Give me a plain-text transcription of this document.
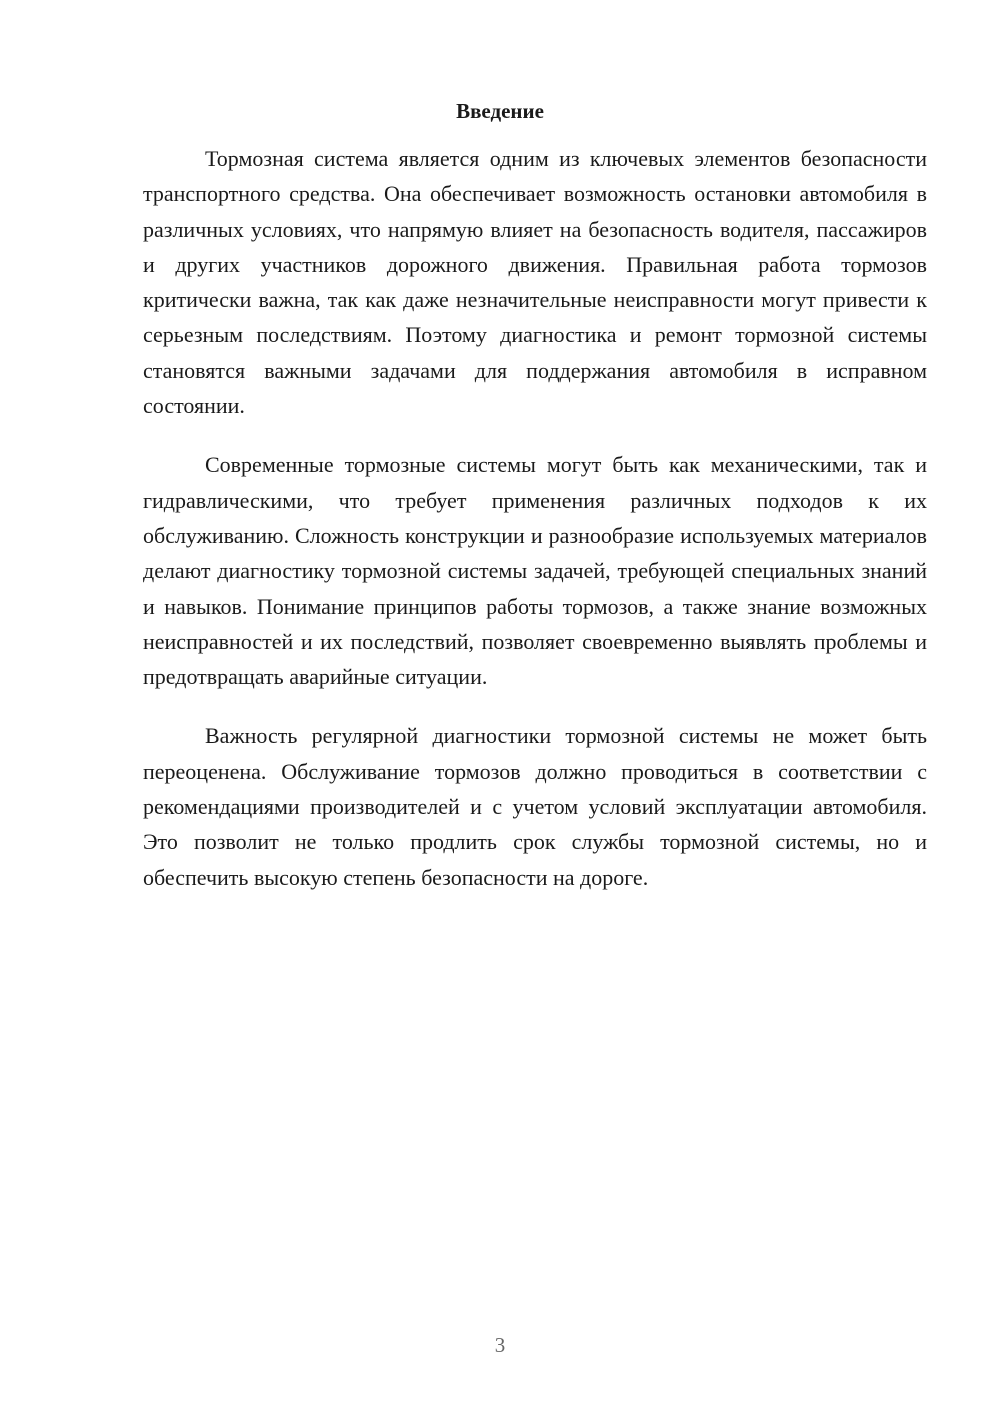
Введение

Тормозная система является одним из ключевых элементов безопасности транспортного средства. Она обеспечивает возможность остановки автомобиля в различных условиях, что напрямую влияет на безопасность водителя, пассажиров и других участников дорожного движения. Правильная работа тормозов критически важна, так как даже незначительные неисправности могут привести к серьезным последствиям. Поэтому диагностика и ремонт тормозной системы становятся важными задачами для поддержания автомобиля в исправном состоянии.

Современные тормозные системы могут быть как механическими, так и гидравлическими, что требует применения различных подходов к их обслуживанию. Сложность конструкции и разнообразие используемых материалов делают диагностику тормозной системы задачей, требующей специальных знаний и навыков. Понимание принципов работы тормозов, а также знание возможных неисправностей и их последствий, позволяет своевременно выявлять проблемы и предотвращать аварийные ситуации.

Важность регулярной диагностики тормозной системы не может быть переоценена. Обслуживание тормозов должно проводиться в соответствии с рекомендациями производителей и с учетом условий эксплуатации автомобиля. Это позволит не только продлить срок службы тормозной системы, но и обеспечить высокую степень безопасности на дороге.

3
